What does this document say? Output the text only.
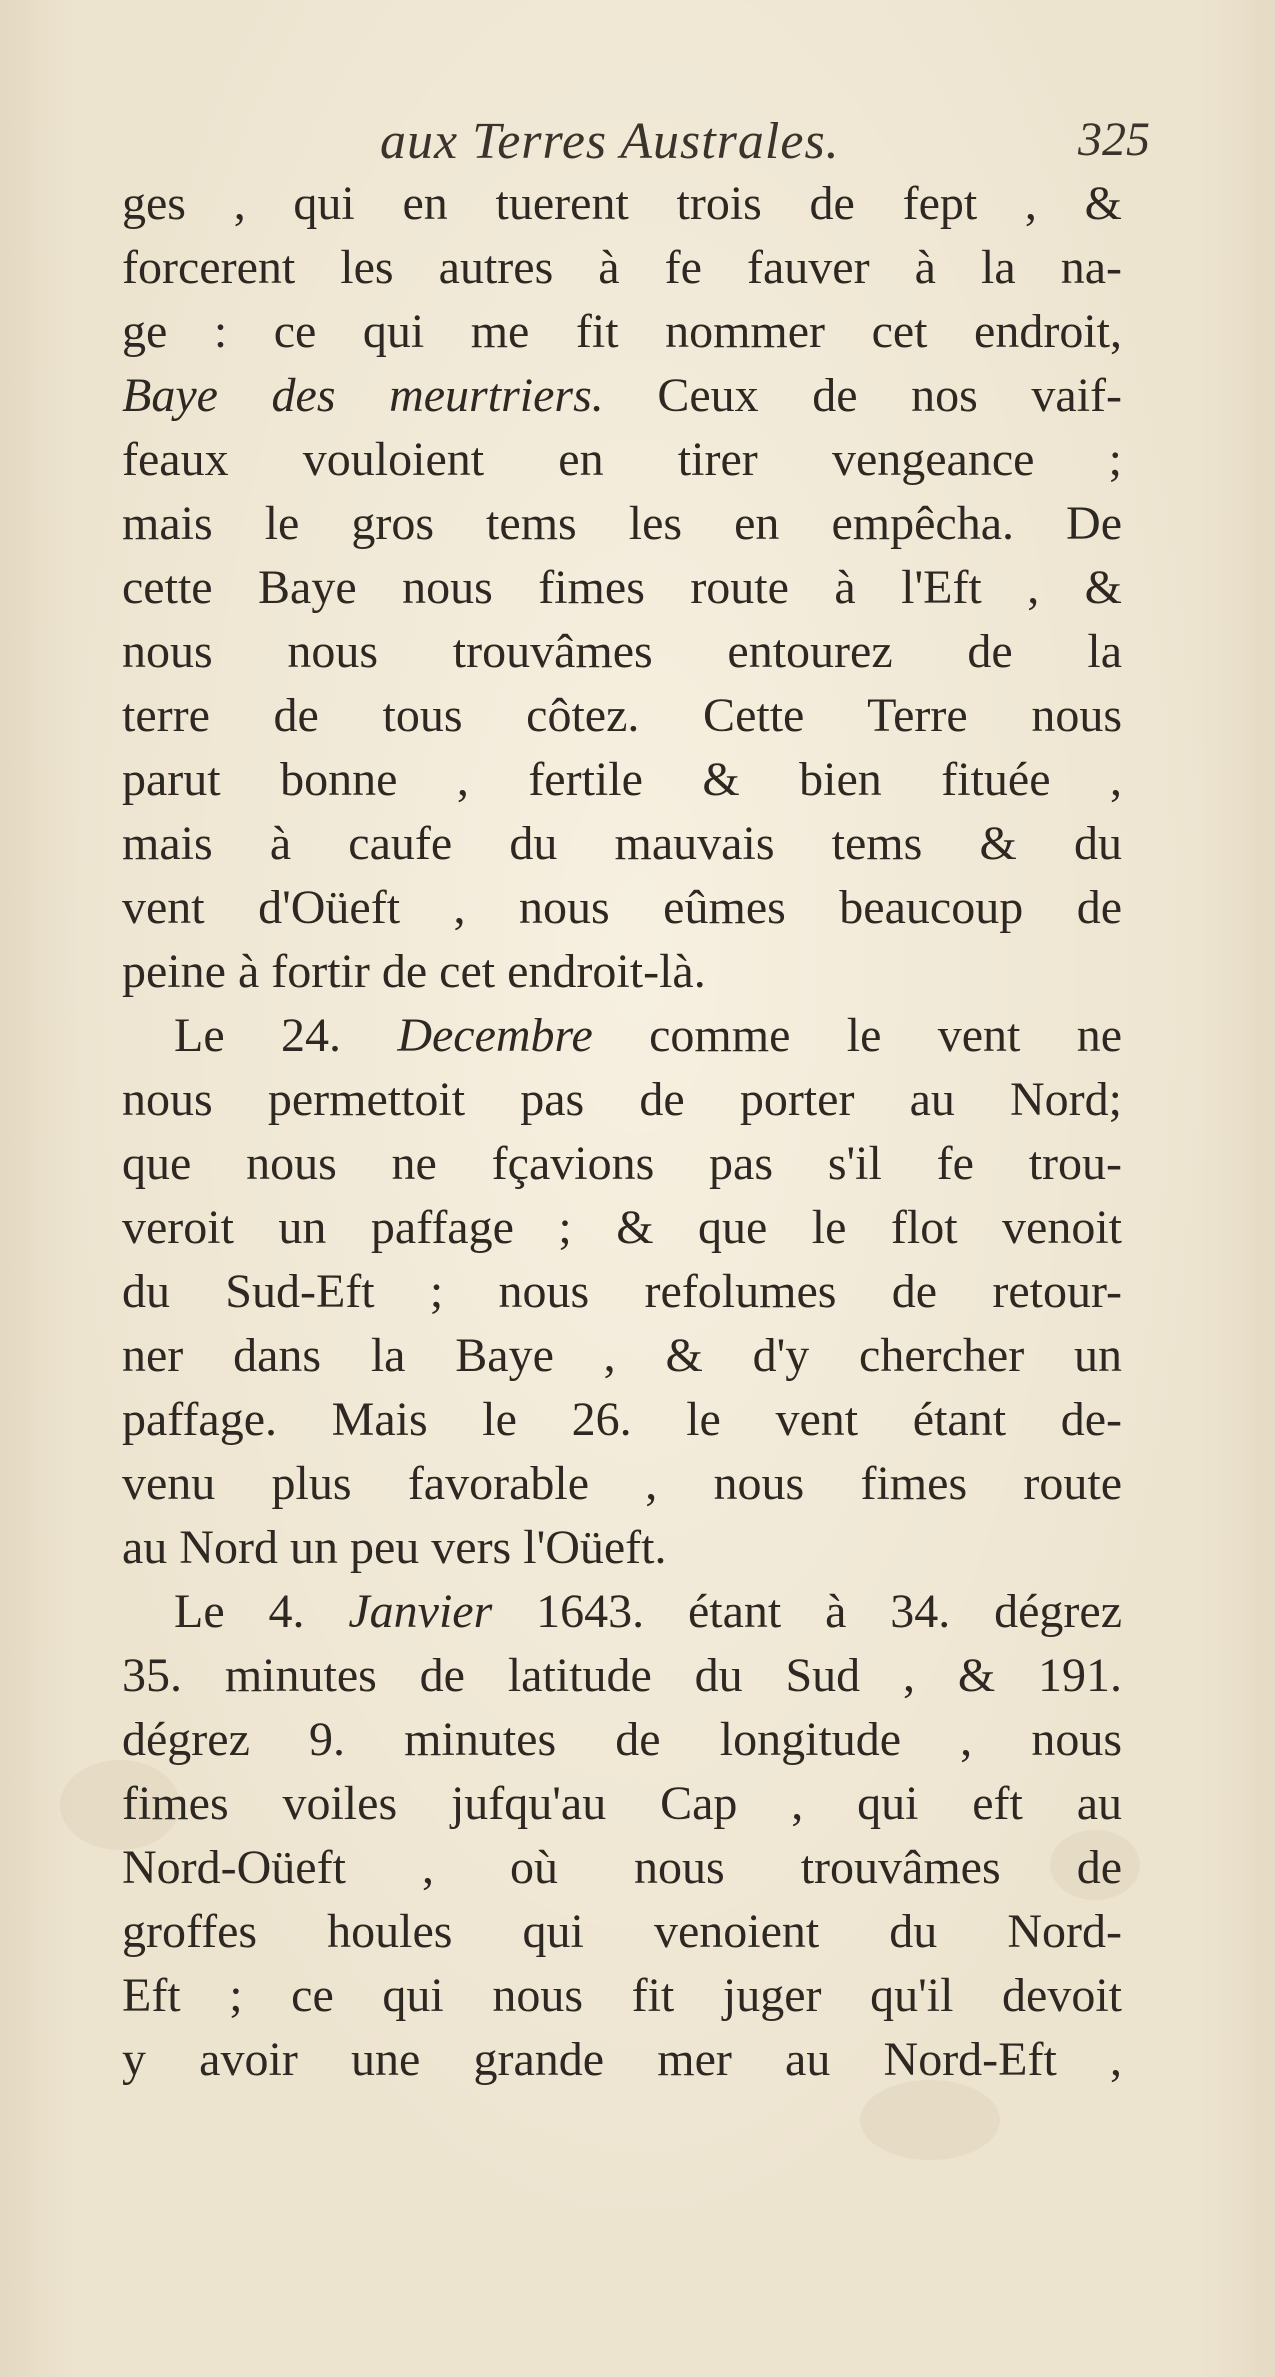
aux Terres Australes.	325
ges , qui en tuerent trois de fept , &
forcerent les autres à fe fauver à la na-
ge : ce qui me fit nommer cet endroit,
Baye des meurtriers. Ceux de nos vaif-
feaux vouloient en tirer vengeance ;
mais le gros tems les en empêcha. De
cette Baye nous fimes route à l'Eft , &
nous nous trouvâmes entourez de la
terre de tous côtez. Cette Terre nous
parut bonne , fertile & bien fituée ,
mais à caufe du mauvais tems & du
vent d'Oüeft , nous eûmes beaucoup de
peine à fortir de cet endroit-là.
Le 24. Decembre comme le vent ne
nous permettoit pas de porter au Nord;
que nous ne fçavions pas s'il fe trou-
veroit un paffage ; & que le flot venoit
du Sud-Eft ; nous refolumes de retour-
ner dans la Baye , & d'y chercher un
paffage. Mais le 26. le vent étant de-
venu plus favorable , nous fimes route
au Nord un peu vers l'Oüeft.
Le 4. Janvier 1643. étant à 34. dégrez
35. minutes de latitude du Sud , & 191.
dégrez 9. minutes de longitude , nous
fimes voiles jufqu'au Cap , qui eft au
Nord-Oüeft , où nous trouvâmes de
groffes houles qui venoient du Nord-
Eft ; ce qui nous fit juger qu'il devoit
y avoir une grande mer au Nord-Eft ,
